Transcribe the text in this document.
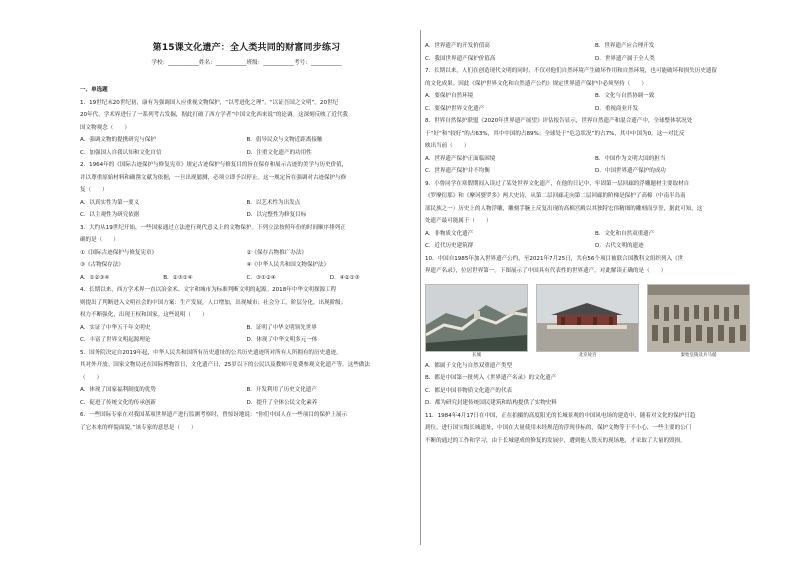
第15课文化遗产：全人类共同的财富同步练习
学校：___________姓名：___________班级：___________考号：___________
一、单选题
1．19世纪末20世纪初，康有为强调国人应重视文物保护，“以考进化之理”，“以证吾国之文明”。20世纪
20年代，学术界进行了一系列考古发掘，据此打破了西方学者“中国文化西来说”的论调。这深刻反映了近代我
国文物观念（　　）
A．强调文物的提携研究与保护	B．倡导民众与文物近距离接触
C．加强国人自我认知和文化自信	D．注重文化遗产的功用性
2．1964年的《国际古迹保护与修复宪章》规定古迹保护与修复目的旨在保存和展示古迹的美学与历史价值，
并以尊重原始材料和确凿文献为依据，一旦出现臆测，必须立即予以停止。这一规定旨在强调对古迹保护与修
复（　　）
A．以真实性为第一要义	B．以艺术性为出发点
C．以主观性为研究依据	D．以完整性为修复目标
3．大约从19世纪开始，一些国家通过立法进行现代意义上的文物保护。下列立法按照年份的时间顺序排列正
确的是（　　）
①《国际古迹保护与修复宪章》	②《保存古物推广办法》
③《古物保存法》	④《中华人民共和国文物保护法》
A．①②③④	B．②③①④	C．③①②④	D．④②①③
4．长期以来，西方学术界一直以冶金术、文字和城市为标准判断文明的起源。2018年中华文明探源工程
则提出了判断进入文明社会的中国方案：生产发展，人口增加，出现城市；社会分工，阶层分化，出现阶级；
权力不断强化，出现王权和国家。这些说明（　　）
A．实证了中华五千年文明史	B．证明了中华文明领先世界
C．丰富了世界文明起源理论	D．体现了中华文明多元一体
5．国务院决定自2019年起，中华人民共和国所有历史遗址的公共历史遗迹所对所有人所拥有的历史遗迹，
其对外开放；国家文物局还在国际博物馆日，文化遗产日，25岁以下的公民以及教师可免费参观文化遗产等。这些做法
（　　）
A．体现了国家福利制度的优势	B．开发利用了历史文化遗产
C．促进了传统文化的传承创新	D．提升了全体公民文化素养
6．一些国际专家在对我国某项世界遗产进行监测考察时，曾惊讶地说：“你们中国人在一些项目的保护上展示
了它本来的样貌面貌。”该专家的意思是（　　）
A．世界遗产的开发价值高	B．世界遗产应合理开发
C．我国世界遗产保护价值高	D．世界遗产属于全人类
7．长期以来，人们在创造现代文明的同时，不仅对他们自然环境产生破坏作用和自然环境，也可能破坏和损失历史遗留
的文化成果。因此《保护世界文化和自然遗产公约》规定世界遗产保护中必须坚持（　　）
A．要保护自然环境	B．文化与自然协调一致
C．要保护世界文化遗产	D．重视商业开发
8．世界自然保护联盟《2020年世界遗产展望》评估报告显示，世界自然遗产和混合遗产中，全球整体状况处
于“好”和“较好”的占63%，其中中国的占89%；全球处于“危急状况”的占7%，其中中国为0。这一对比反
映出当前（　　）
A．世界遗产保护正面临困境	B．中国作为文明大国的担当
C．世界遗产保护并不均衡	D．中国世界遗产保护的成功
9．小鲁同学在寒假期间入读过了某处世界文化遗产，在他的日记中，牢固第一层回廊的浮雕题材主要取材自
《罗摩衍那》和《摩诃婆罗多》两大史诗，从第二层回廊走向第二层回廊的阶梯是保护了高棉（中南半岛南
部民族之一）历史上的人物浮雕，雕刻手腕上反复出现的高棉宫殿以其独特宏伟精细的雕刻而享誉，据此可知，这
处遗产最可能属于（　　）
A．非物质文化遗产	B．文化和自然双重遗产
C．近代历史建筑群	D．古代文明的遗迹
10．中国自1985年加入世界遗产公约，至2021年7月25日，共有56个项目被联合国教科文组织列入《世
界遗产名录》，位居世界第一。下图展示了中国具有代表性的世界遗产，对此解读正确的是（　　）
长城	北京故宫	秦始皇陵及兵马俑
A．都属于文化与自然双重遗产类型
B．都是中国第一批列入《世界遗产名录》的文化遗产
C．都是中国非物质文化遗产的代表
D．都为研究封建传统国民建筑和结构提供了实物史料
11．1984年4月17日在中国，正在拍摄的高度阳光的长城景观的中国风电场的建造中，随着对文化的保护日趋
到位，进行国宝级长城遗址，中国在大量使用未经规范的浮现非标的，保护文物等于不小心，一些主要的公门
不断的通过的工作和学习，由于长城建成的修复的发展中，遭到他人毁灭的现场地，才采取了大量的毁损。
